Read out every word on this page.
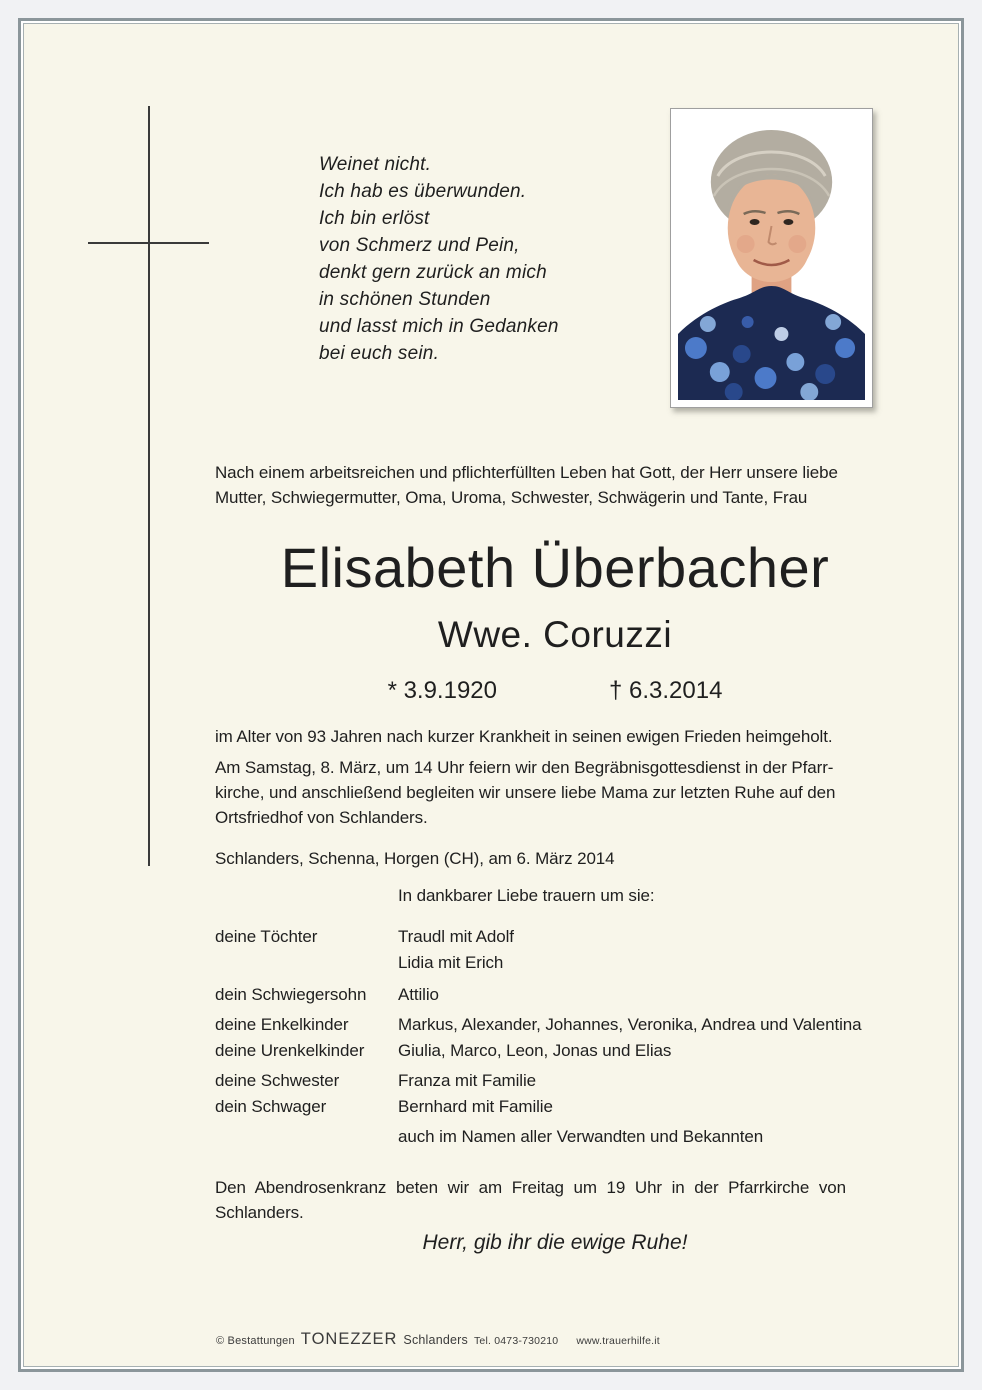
Weinet nicht.
Ich hab es überwunden.
Ich bin erlöst
von Schmerz und Pein,
denkt gern zurück an mich
in schönen Stunden
und lasst mich in Gedanken
bei euch sein.
Nach einem arbeitsreichen und pflichterfüllten Leben hat Gott, der Herr unsere liebe
Mutter, Schwiegermutter, Oma, Uroma, Schwester, Schwägerin und Tante, Frau
Elisabeth Überbacher
Wwe. Coruzzi
* 3.9.1920	† 6.3.2014
im Alter von 93 Jahren nach kurzer Krankheit in seinen ewigen Frieden heimgeholt.
Am Samstag, 8. März, um 14 Uhr feiern wir den Begräbnisgottesdienst in der Pfarr-
kirche, und anschließend begleiten wir unsere liebe Mama zur letzten Ruhe auf den
Ortsfriedhof von Schlanders.
Schlanders, Schenna, Horgen (CH), am 6. März 2014
In dankbarer Liebe trauern um sie:
deine Töchter	Traudl mit Adolf
Lidia mit Erich
dein Schwiegersohn	Attilio
deine Enkelkinder	Markus, Alexander, Johannes, Veronika, Andrea und Valentina
deine Urenkelkinder	Giulia, Marco, Leon, Jonas und Elias
deine Schwester	Franza mit Familie
dein Schwager	Bernhard mit Familie
auch im Namen aller Verwandten und Bekannten
Den Abendrosenkranz beten wir am Freitag um 19 Uhr in der Pfarrkirche von
Schlanders.
Herr, gib ihr die ewige Ruhe!
© Bestattungen TONEZZER Schlanders Tel. 0473-730210 www.trauerhilfe.it
